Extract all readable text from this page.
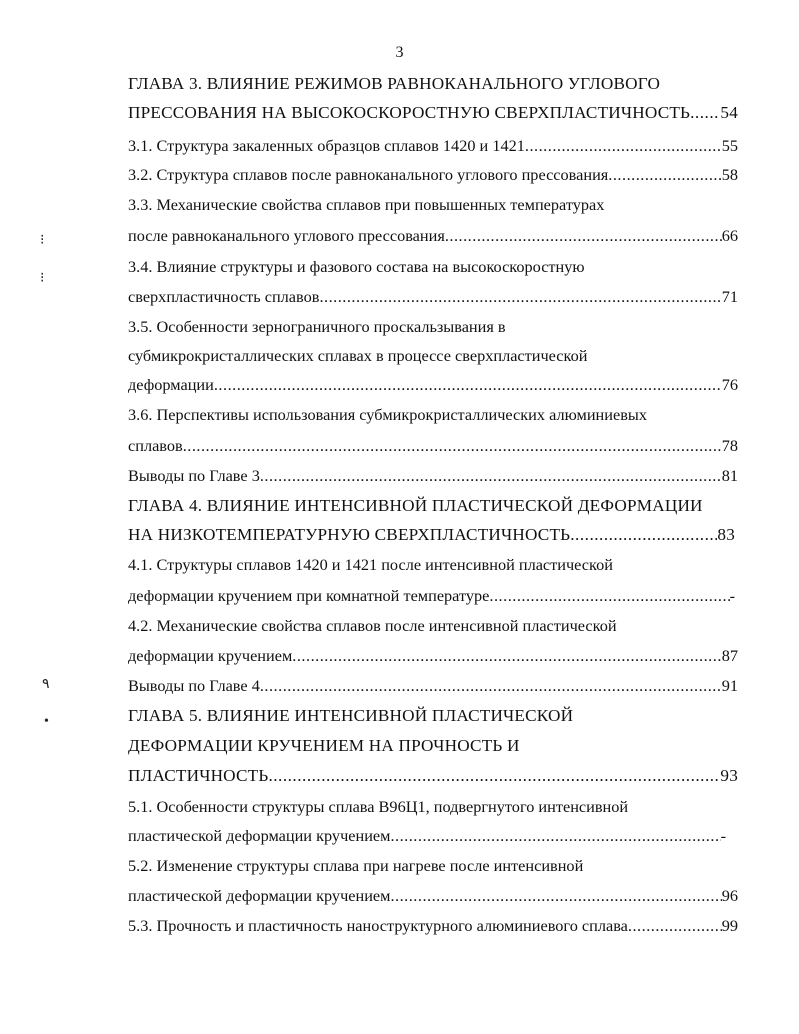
3
⁝
⁝
٩
•
ГЛАВА 3. ВЛИЯНИЕ РЕЖИМОВ РАВНОКАНАЛЬНОГО УГЛОВОГО
ПРЕССОВАНИЯ НА ВЫСОКОСКОРОСТНУЮ СВЕРХПЛАСТИЧНОСТЬ ..... 54
3.1. Структура закаленных образцов сплавов 1420 и 1421 .....	55
3.2. Структура сплавов после равноканального углового прессования .....	58
3.3. Механические свойства сплавов при повышенных температурах
после равноканального углового прессования .....	66
3.4. Влияние структуры и фазового состава на высокоскоростную
сверхпластичность сплавов .....	71
3.5. Особенности зернограничного проскальзывания в
субмикрокристаллических сплавах в процессе сверхпластической
деформации .....	76
3.6. Перспективы использования субмикрокристаллических алюминиевых
сплавов .....	78
Выводы по Главе 3 .....	81
ГЛАВА 4. ВЛИЯНИЕ ИНТЕНСИВНОЙ ПЛАСТИЧЕСКОЙ ДЕФОРМАЦИИ
НА НИЗКОТЕМПЕРАТУРНУЮ СВЕРХПЛАСТИЧНОСТЬ .....	83
4.1. Структуры сплавов 1420 и 1421 после интенсивной пластической
деформации кручением при комнатной температуре .....	-
4.2. Механические свойства сплавов после интенсивной пластической
деформации кручением .....	87
Выводы по Главе 4 .....	91
ГЛАВА 5. ВЛИЯНИЕ ИНТЕНСИВНОЙ ПЛАСТИЧЕСКОЙ
ДЕФОРМАЦИИ КРУЧЕНИЕМ НА ПРОЧНОСТЬ И
ПЛАСТИЧНОСТЬ .....	93
5.1. Особенности структуры сплава В96Ц1, подвергнутого интенсивной
пластической деформации кручением .....	-
5.2. Изменение структуры сплава при нагреве после интенсивной
пластической деформации кручением .....	96
5.3. Прочность и пластичность наноструктурного алюминиевого сплава .....	99
